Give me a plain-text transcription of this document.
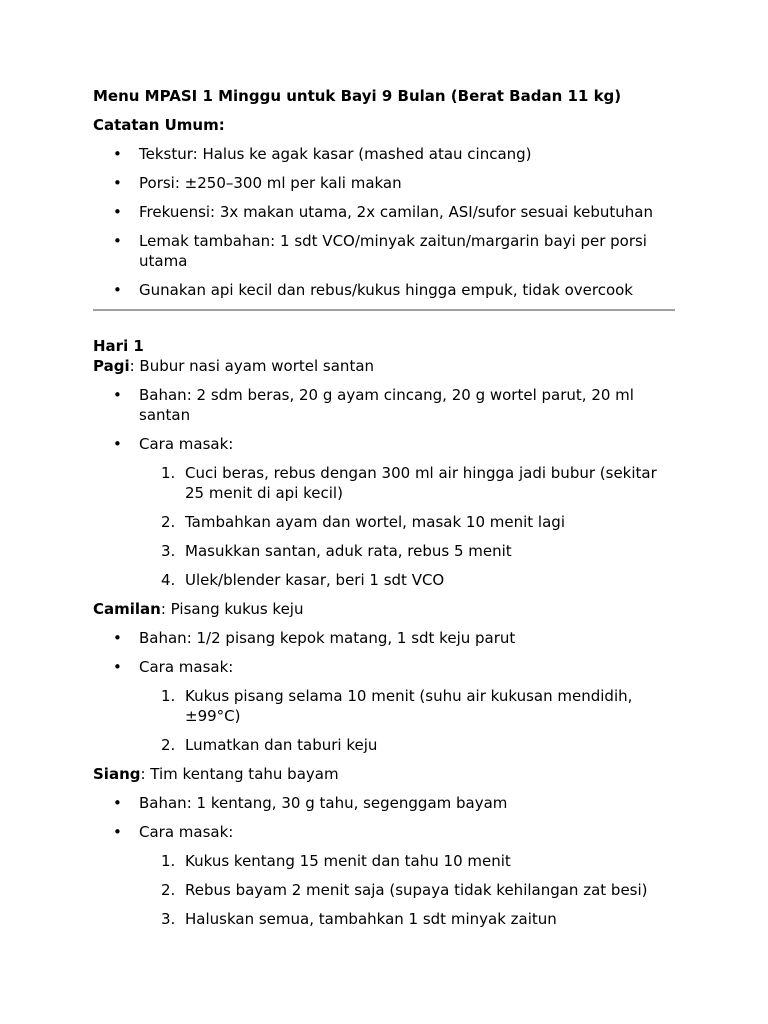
Menu MPASI 1 Minggu untuk Bayi 9 Bulan (Berat Badan 11 kg)
Catatan Umum:
• Tekstur: Halus ke agak kasar (mashed atau cincang)
• Porsi: ±250–300 ml per kali makan
• Frekuensi: 3x makan utama, 2x camilan, ASI/sufor sesuai kebutuhan
• Lemak tambahan: 1 sdt VCO/minyak zaitun/margarin bayi per porsi utama
• Gunakan api kecil dan rebus/kukus hingga empuk, tidak overcook
Hari 1
Pagi: Bubur nasi ayam wortel santan
• Bahan: 2 sdm beras, 20 g ayam cincang, 20 g wortel parut, 20 ml santan
• Cara masak:
1. Cuci beras, rebus dengan 300 ml air hingga jadi bubur (sekitar 25 menit di api kecil)
2. Tambahkan ayam dan wortel, masak 10 menit lagi
3. Masukkan santan, aduk rata, rebus 5 menit
4. Ulek/blender kasar, beri 1 sdt VCO
Camilan: Pisang kukus keju
• Bahan: 1/2 pisang kepok matang, 1 sdt keju parut
• Cara masak:
1. Kukus pisang selama 10 menit (suhu air kukusan mendidih, ±99°C)
2. Lumatkan dan taburi keju
Siang: Tim kentang tahu bayam
• Bahan: 1 kentang, 30 g tahu, segenggam bayam
• Cara masak:
1. Kukus kentang 15 menit dan tahu 10 menit
2. Rebus bayam 2 menit saja (supaya tidak kehilangan zat besi)
3. Haluskan semua, tambahkan 1 sdt minyak zaitun
